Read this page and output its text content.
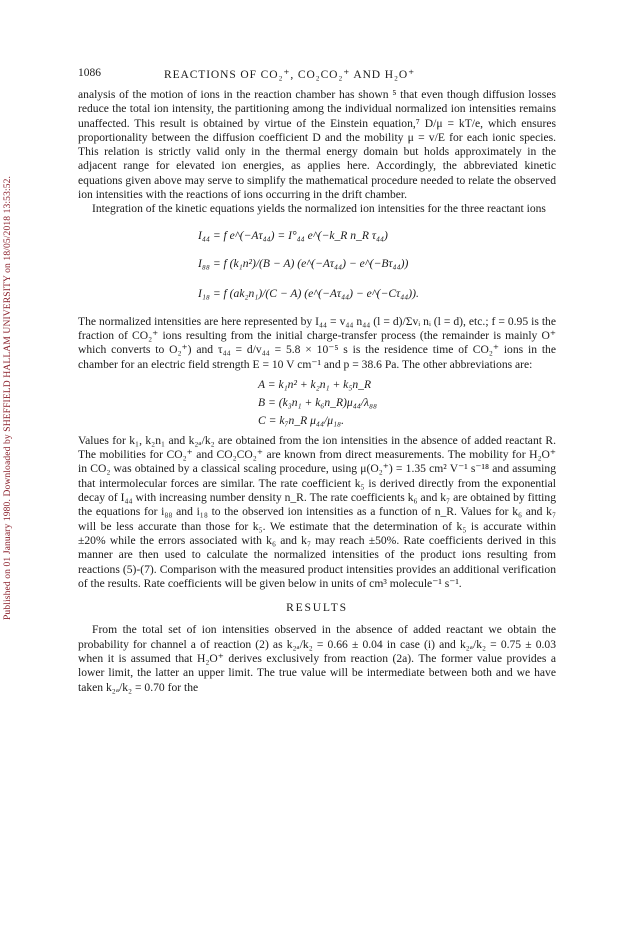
Published on 01 January 1980. Downloaded by SHEFFIELD HALLAM UNIVERSITY on 18/05/2018 13:53:52.
1086	REACTIONS OF CO₂⁺, CO₂CO₂⁺ AND H₂O⁺

analysis of the motion of ions in the reaction chamber has shown ⁵ that even though diffusion losses reduce the total ion intensity, the partitioning among the individual normalized ion intensities remains unaffected. This result is obtained by virtue of the Einstein equation,⁷ D/μ = kT/e, which ensures proportionality between the diffusion coefficient D and the mobility μ = v/E for each ionic species. This relation is strictly valid only in the thermal energy domain but holds approximately in the adjacent range for elevated ion energies, as applies here. Accordingly, the abbreviated kinetic equations given above may serve to simplify the mathematical procedure needed to relate the observed ion intensities with the reactions of ions occurring in the drift chamber.

Integration of the kinetic equations yields the normalized ion intensities for the three reactant ions

I₄₄ = f e^(−Aτ₄₄) = I°₄₄ e^(−k_R n_R τ₄₄)
I₈₈ = f (k₁n²)/(B − A) (e^(−Aτ₄₄) − e^(−Bτ₄₄))
I₁₈ = f (ak₂n₁)/(C − A) (e^(−Aτ₄₄) − e^(−Cτ₄₄)).

The normalized intensities are here represented by I₄₄ = v₄₄ n₄₄ (l = d)/Σvᵢ nᵢ (l = d), etc.; f = 0.95 is the fraction of CO₂⁺ ions resulting from the initial charge-transfer process (the remainder is mainly O⁺ which converts to O₂⁺) and τ₄₄ = d/v₄₄ = 5.8 × 10⁻⁵ s is the residence time of CO₂⁺ ions in the chamber for an electric field strength E = 10 V cm⁻¹ and p = 38.6 Pa. The other abbreviations are:

A = k₁n² + k₂n₁ + k₅n_R
B = (k₃n₁ + k₆n_R)μ₄₄/λ₈₈
C = k₇n_R μ₄₄/μ₁₈.

Values for k₁, k₂n₁ and k₂ₐ/k₂ are obtained from the ion intensities in the absence of added reactant R. The mobilities for CO₂⁺ and CO₂CO₂⁺ are known from direct measurements. The mobility for H₂O⁺ in CO₂ was obtained by a classical scaling procedure, using μ(O₂⁺) = 1.35 cm² V⁻¹ s⁻¹⁸ and assuming that intermolecular forces are similar. The rate coefficient k₅ is derived directly from the exponential decay of I₄₄ with increasing number density n_R. The rate coefficients k₆ and k₇ are obtained by fitting the equations for i₈₈ and i₁₈ to the observed ion intensities as a function of n_R. Values for k₆ and k₇ will be less accurate than those for k₅. We estimate that the determination of k₅ is accurate within ±20% while the errors associated with k₆ and k₇ may reach ±50%. Rate coefficients derived in this manner are then used to calculate the normalized intensities of the product ions resulting from reactions (5)-(7). Comparison with the measured product intensities provides an additional verification of the results. Rate coefficients will be given below in units of cm³ molecule⁻¹ s⁻¹.

RESULTS

From the total set of ion intensities observed in the absence of added reactant we obtain the probability for channel a of reaction (2) as k₂ₐ/k₂ = 0.66 ± 0.04 in case (i) and k₂ₐ/k₂ = 0.75 ± 0.03 when it is assumed that H₂O⁺ derives exclusively from reaction (2a). The former value provides a lower limit, the latter an upper limit. The true value will be intermediate between both and we have taken k₂ₐ/k₂ = 0.70 for the
